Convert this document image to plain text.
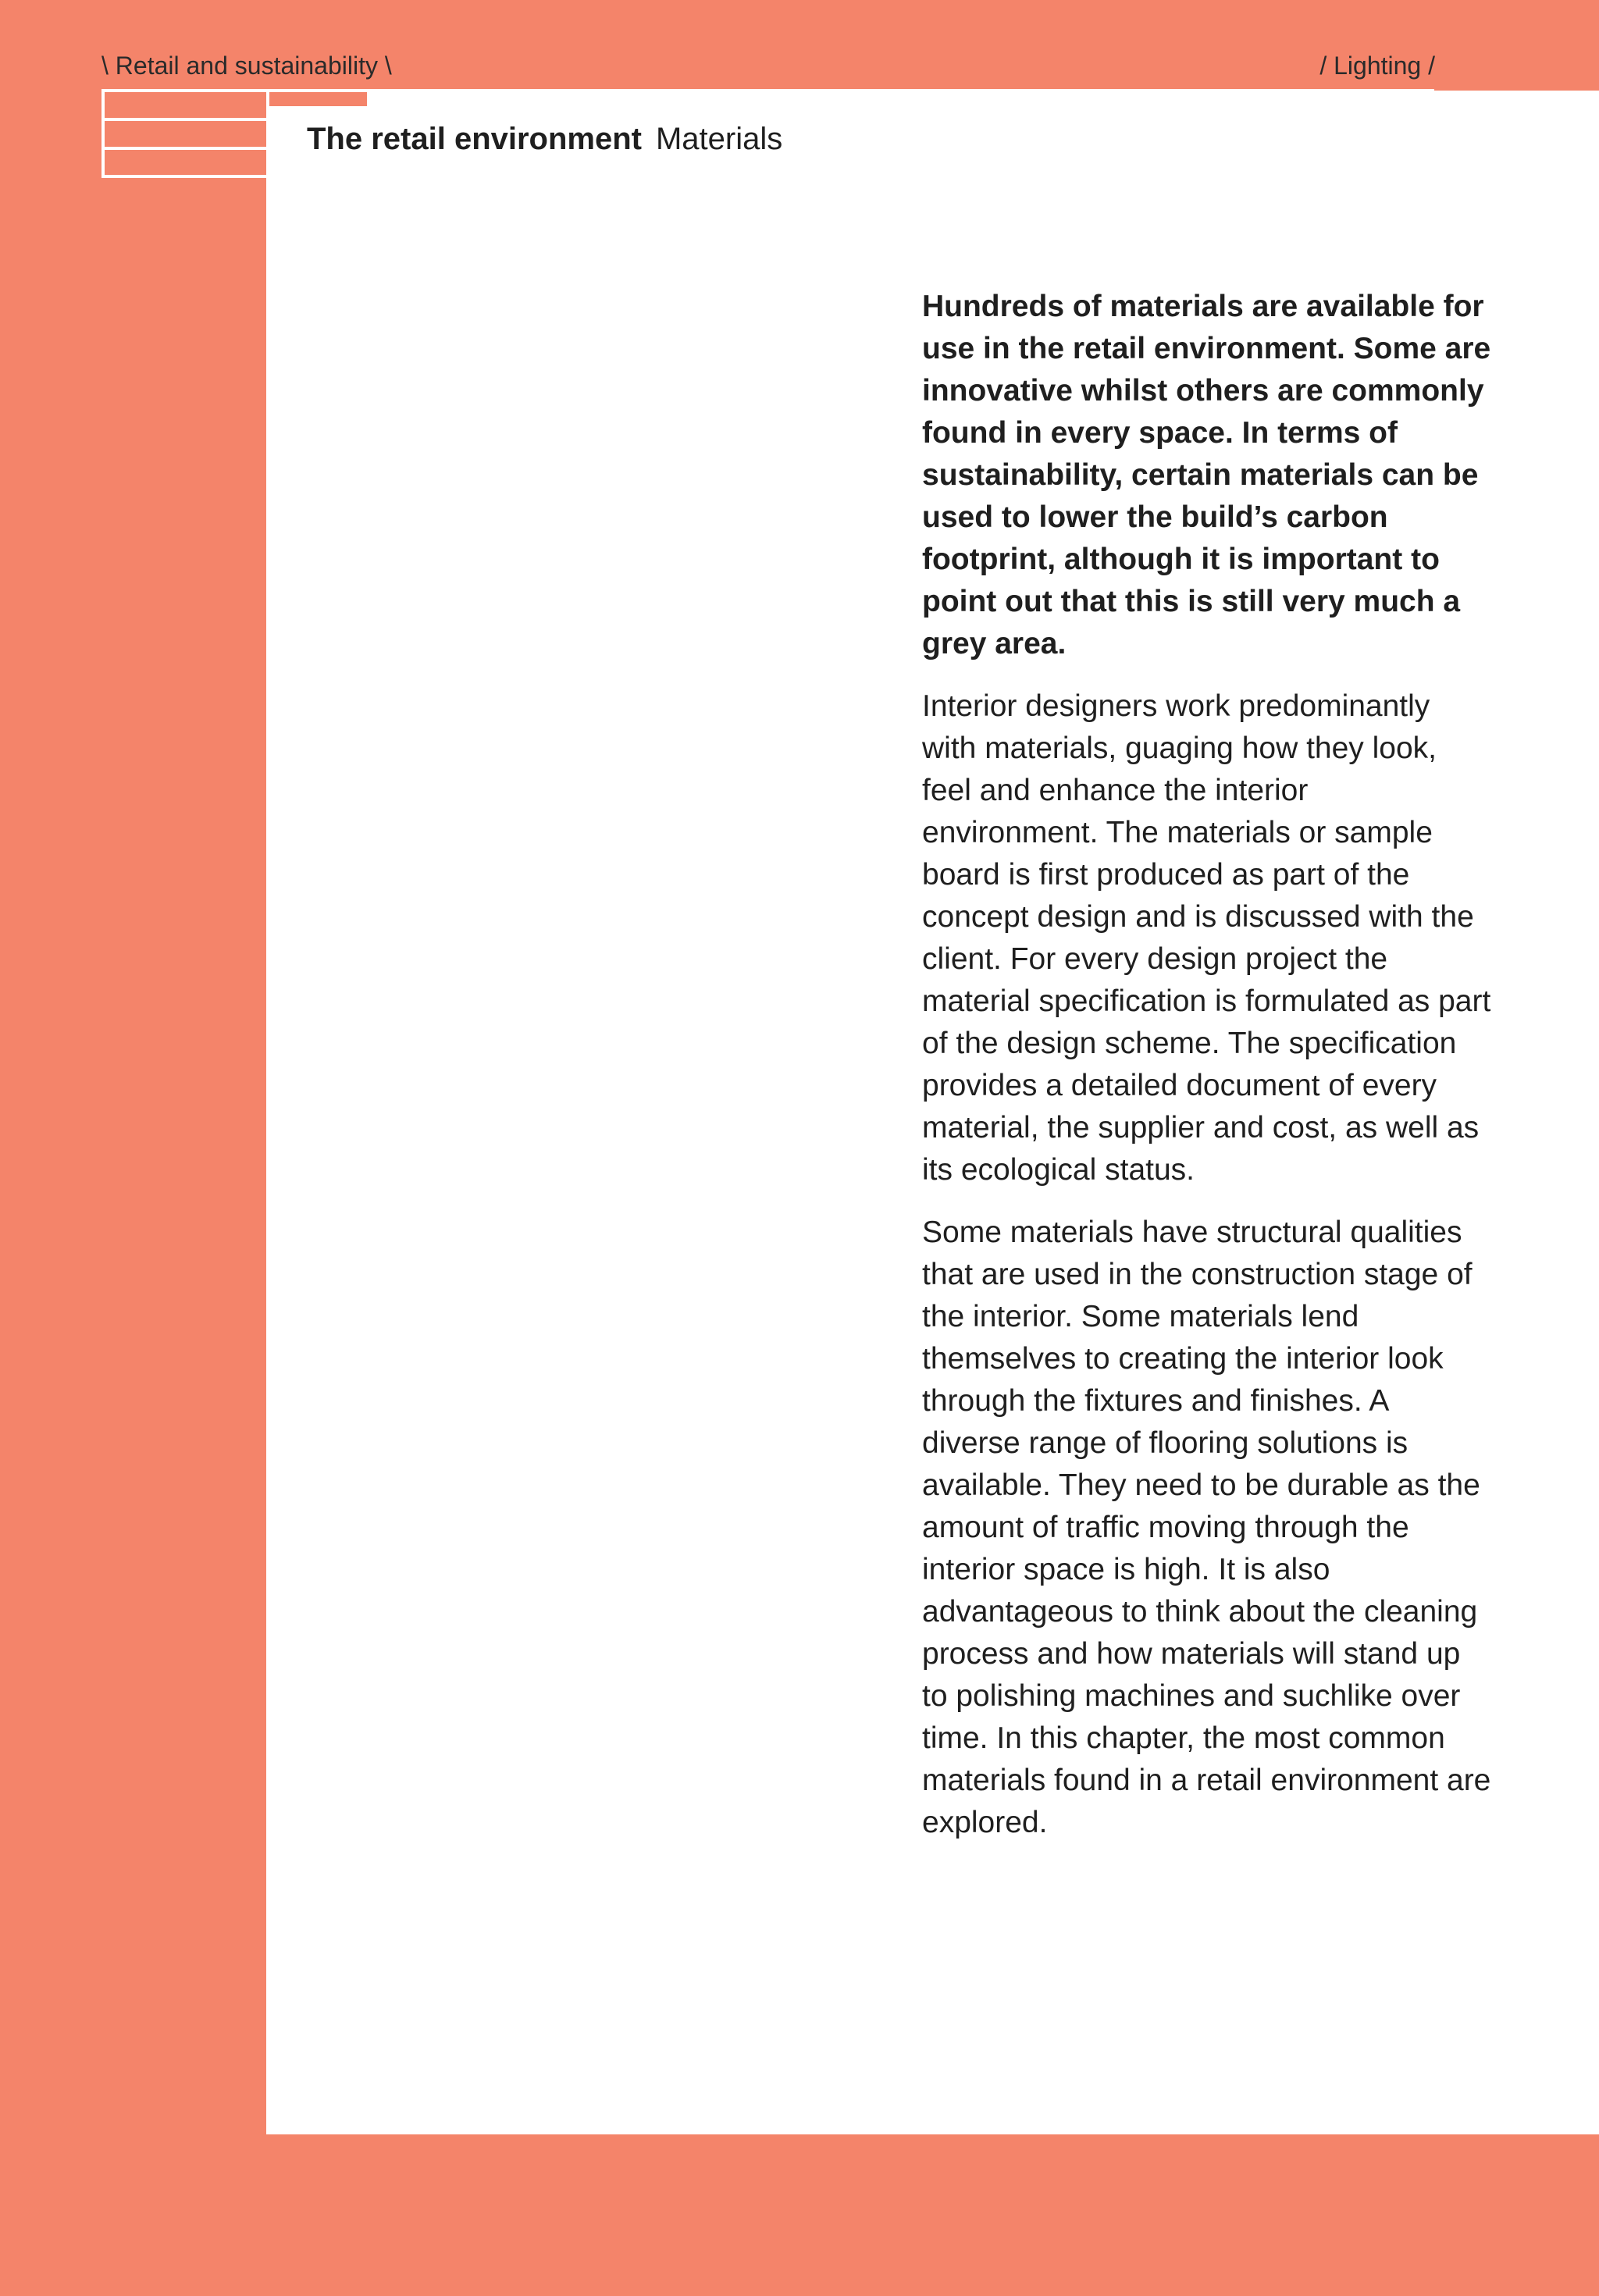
\ Retail and sustainability \	/ Lighting /
The retail environment Materials

Hundreds of materials are available for use in the retail environment. Some are innovative whilst others are commonly found in every space. In terms of sustainability, certain materials can be used to lower the build’s carbon footprint, although it is important to point out that this is still very much a grey area.

Interior designers work predominantly with materials, guaging how they look, feel and enhance the interior environment. The materials or sample board is first produced as part of the concept design and is discussed with the client. For every design project the material specification is formulated as part of the design scheme. The specification provides a detailed document of every material, the supplier and cost, as well as its ecological status.

Some materials have structural qualities that are used in the construction stage of the interior. Some materials lend themselves to creating the interior look through the fixtures and finishes. A diverse range of flooring solutions is available. They need to be durable as the amount of traffic moving through the interior space is high. It is also advantageous to think about the cleaning process and how materials will stand up to polishing machines and suchlike over time. In this chapter, the most common materials found in a retail environment are explored.
